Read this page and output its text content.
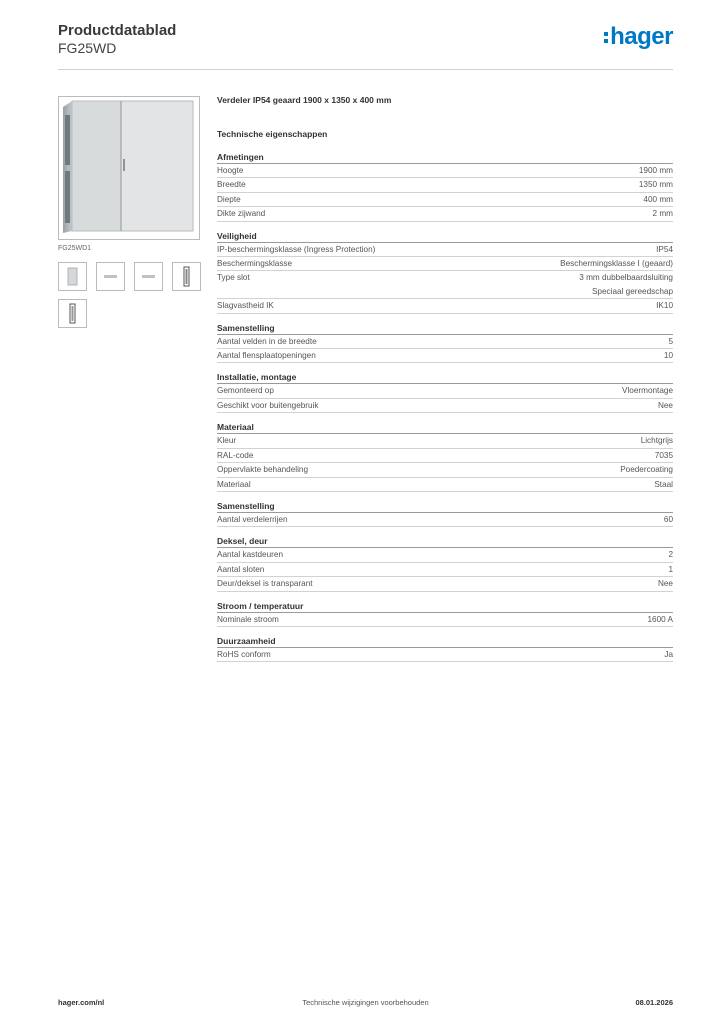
Productdatablad
FG25WD	hager
FG25WD1
Verdeler IP54 geaard 1900 x 1350 x 400 mm
Technische eigenschappen
Afmetingen
Hoogte	1900 mm
Breedte	1350 mm
Diepte	400 mm
Dikte zijwand	2 mm
Veiligheid
IP-beschermingsklasse (Ingress Protection)	IP54
Beschermingsklasse	Beschermingsklasse I (geaard)
Type slot	3 mm dubbelbaardsluiting
Speciaal gereedschap
Slagvastheid IK	IK10
Samenstelling
Aantal velden in de breedte	5
Aantal flensplaatopeningen	10
Installatie, montage
Gemonteerd op	Vloermontage
Geschikt voor buitengebruik	Nee
Materiaal
Kleur	Lichtgrijs
RAL-code	7035
Oppervlakte behandeling	Poedercoating
Materiaal	Staal
Samenstelling
Aantal verdelerrijen	60
Deksel, deur
Aantal kastdeuren	2
Aantal sloten	1
Deur/deksel is transparant	Nee
Stroom / temperatuur
Nominale stroom	1600 A
Duurzaamheid
RoHS conform	Ja
hager.com/nl	Technische wijzigingen voorbehouden	08.01.2026
